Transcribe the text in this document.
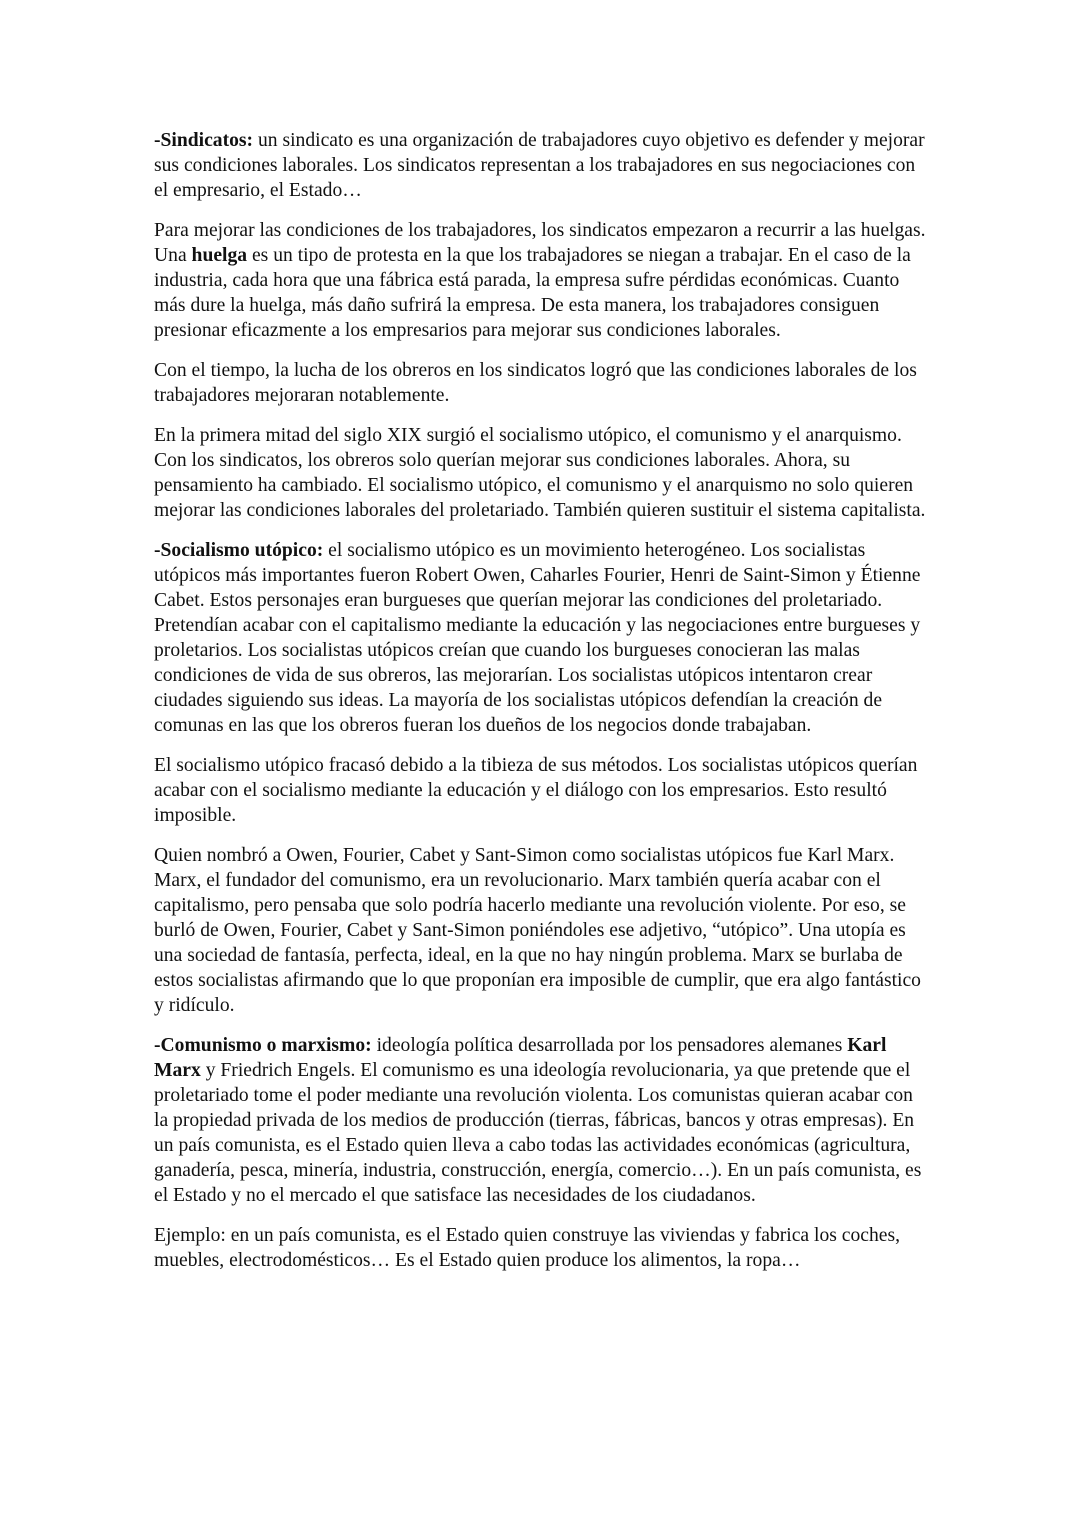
-Sindicatos: un sindicato es una organización de trabajadores cuyo objetivo es defender y mejorar sus condiciones laborales. Los sindicatos representan a los trabajadores en sus negociaciones con el empresario, el Estado…

Para mejorar las condiciones de los trabajadores, los sindicatos empezaron a recurrir a las huelgas. Una huelga es un tipo de protesta en la que los trabajadores se niegan a trabajar. En el caso de la industria, cada hora que una fábrica está parada, la empresa sufre pérdidas económicas. Cuanto más dure la huelga, más daño sufrirá la empresa. De esta manera, los trabajadores consiguen presionar eficazmente a los empresarios para mejorar sus condiciones laborales.

Con el tiempo, la lucha de los obreros en los sindicatos logró que las condiciones laborales de los trabajadores mejoraran notablemente.

En la primera mitad del siglo XIX surgió el socialismo utópico, el comunismo y el anarquismo. Con los sindicatos, los obreros solo querían mejorar sus condiciones laborales. Ahora, su pensamiento ha cambiado. El socialismo utópico, el comunismo y el anarquismo no solo quieren mejorar las condiciones laborales del proletariado. También quieren sustituir el sistema capitalista.

-Socialismo utópico: el socialismo utópico es un movimiento heterogéneo. Los socialistas utópicos más importantes fueron Robert Owen, Caharles Fourier, Henri de Saint-Simon y Étienne Cabet. Estos personajes eran burgueses que querían mejorar las condiciones del proletariado. Pretendían acabar con el capitalismo mediante la educación y las negociaciones entre burgueses y proletarios. Los socialistas utópicos creían que cuando los burgueses conocieran las malas condiciones de vida de sus obreros, las mejorarían. Los socialistas utópicos intentaron crear ciudades siguiendo sus ideas. La mayoría de los socialistas utópicos defendían la creación de comunas en las que los obreros fueran los dueños de los negocios donde trabajaban.

El socialismo utópico fracasó debido a la tibieza de sus métodos. Los socialistas utópicos querían acabar con el socialismo mediante la educación y el diálogo con los empresarios. Esto resultó imposible.

Quien nombró a Owen, Fourier, Cabet y Sant-Simon como socialistas utópicos fue Karl Marx. Marx, el fundador del comunismo, era un revolucionario. Marx también quería acabar con el capitalismo, pero pensaba que solo podría hacerlo mediante una revolución violente. Por eso, se burló de Owen, Fourier, Cabet y Sant-Simon poniéndoles ese adjetivo, “utópico”. Una utopía es una sociedad de fantasía, perfecta, ideal, en la que no hay ningún problema. Marx se burlaba de estos socialistas afirmando que lo que proponían era imposible de cumplir, que era algo fantástico y ridículo.

-Comunismo o marxismo: ideología política desarrollada por los pensadores alemanes Karl Marx y Friedrich Engels. El comunismo es una ideología revolucionaria, ya que pretende que el proletariado tome el poder mediante una revolución violenta. Los comunistas quieran acabar con la propiedad privada de los medios de producción (tierras, fábricas, bancos y otras empresas). En un país comunista, es el Estado quien lleva a cabo todas las actividades económicas (agricultura, ganadería, pesca, minería, industria, construcción, energía, comercio…). En un país comunista, es el Estado y no el mercado el que satisface las necesidades de los ciudadanos.

Ejemplo: en un país comunista, es el Estado quien construye las viviendas y fabrica los coches, muebles, electrodomésticos… Es el Estado quien produce los alimentos, la ropa…
